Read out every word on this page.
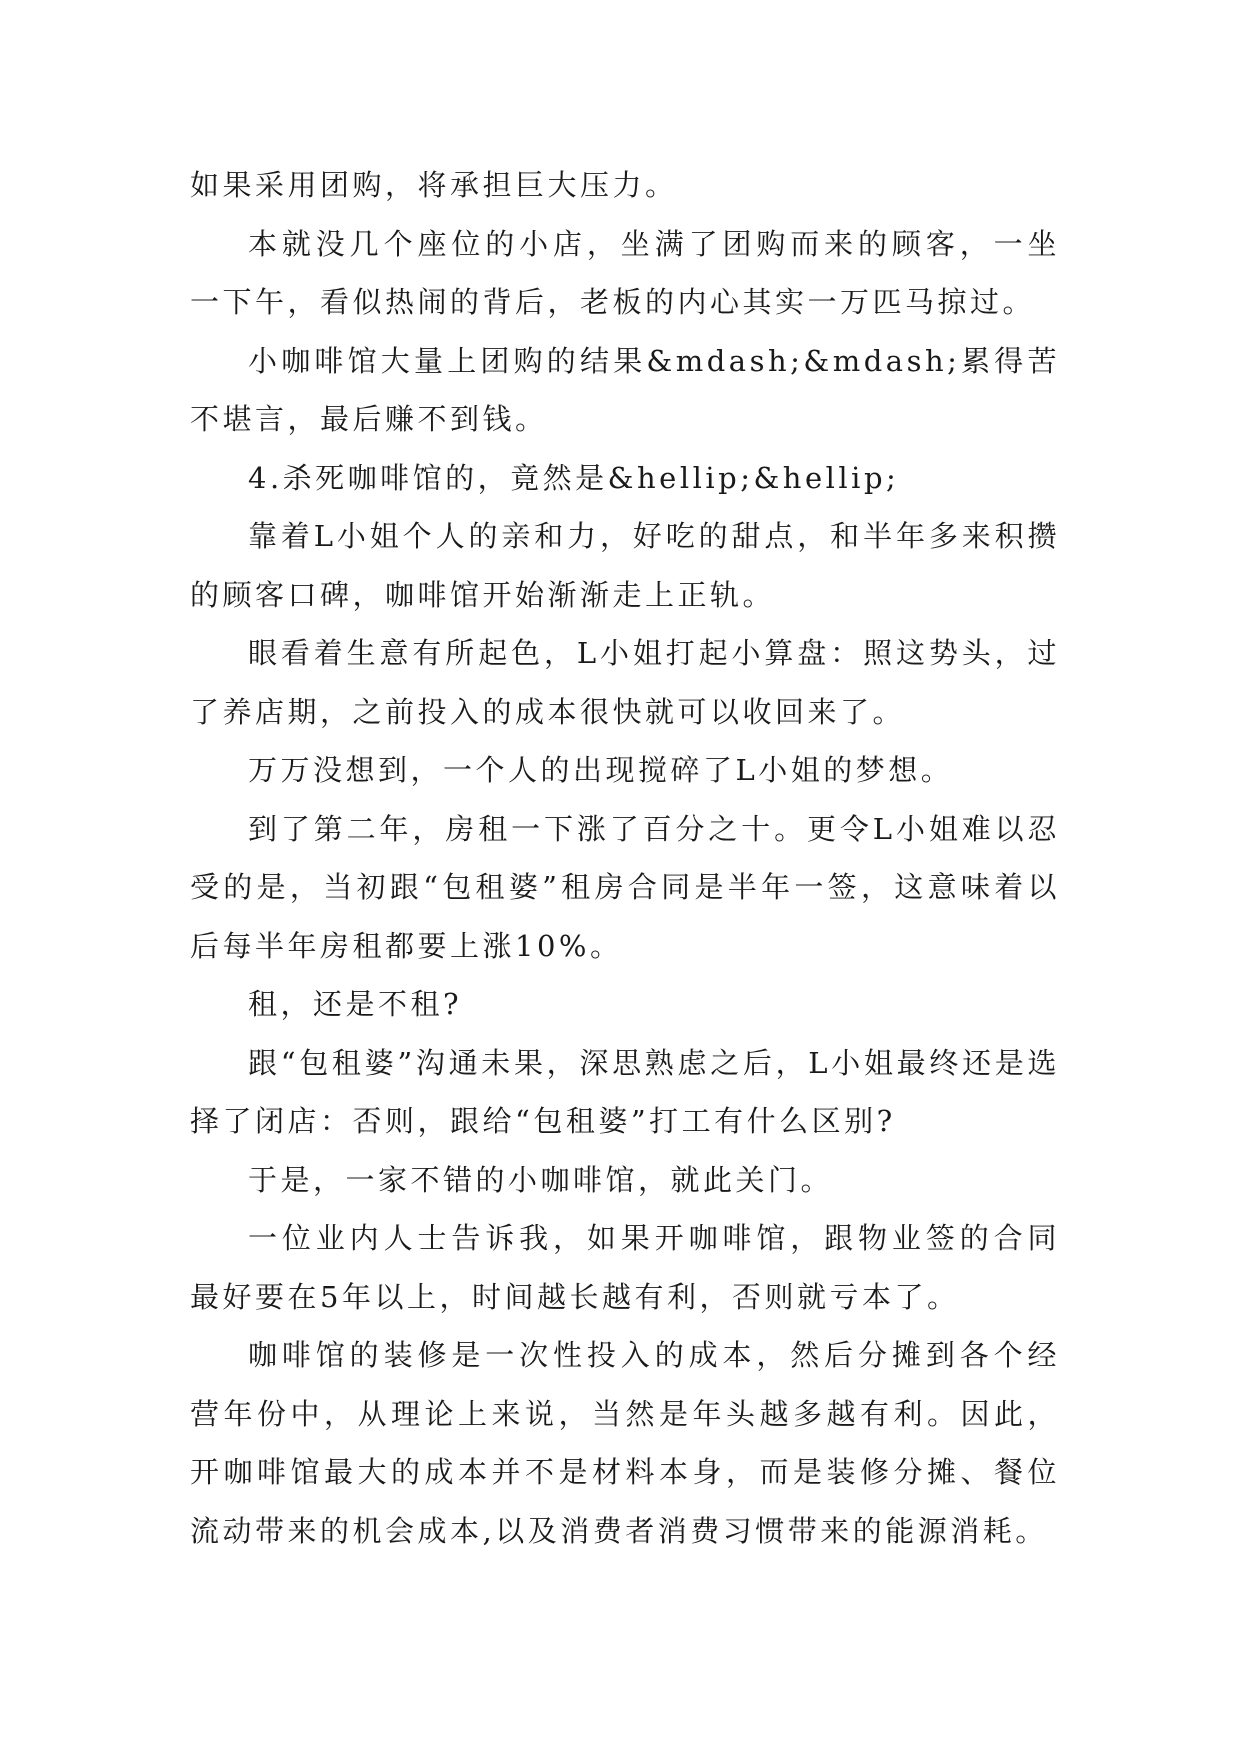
如果采用团购，将承担巨大压力。

本就没几个座位的小店，坐满了团购而来的顾客，一坐一下午，看似热闹的背后，老板的内心其实一万匹马掠过。

小咖啡馆大量上团购的结果&mdash;&mdash;累得苦不堪言，最后赚不到钱。

4.杀死咖啡馆的，竟然是&hellip;&hellip;

靠着L小姐个人的亲和力，好吃的甜点，和半年多来积攒的顾客口碑，咖啡馆开始渐渐走上正轨。

眼看着生意有所起色，L小姐打起小算盘：照这势头，过了养店期，之前投入的成本很快就可以收回来了。

万万没想到，一个人的出现搅碎了L小姐的梦想。

到了第二年，房租一下涨了百分之十。更令L小姐难以忍受的是，当初跟“包租婆”租房合同是半年一签，这意味着以后每半年房租都要上涨10%。

租，还是不租?

跟“包租婆”沟通未果，深思熟虑之后，L小姐最终还是选择了闭店：否则，跟给“包租婆”打工有什么区别?

于是，一家不错的小咖啡馆，就此关门。

一位业内人士告诉我，如果开咖啡馆，跟物业签的合同最好要在5年以上，时间越长越有利，否则就亏本了。

咖啡馆的装修是一次性投入的成本，然后分摊到各个经营年份中，从理论上来说，当然是年头越多越有利。因此，开咖啡馆最大的成本并不是材料本身，而是装修分摊、餐位流动带来的机会成本,以及消费者消费习惯带来的能源消耗。
